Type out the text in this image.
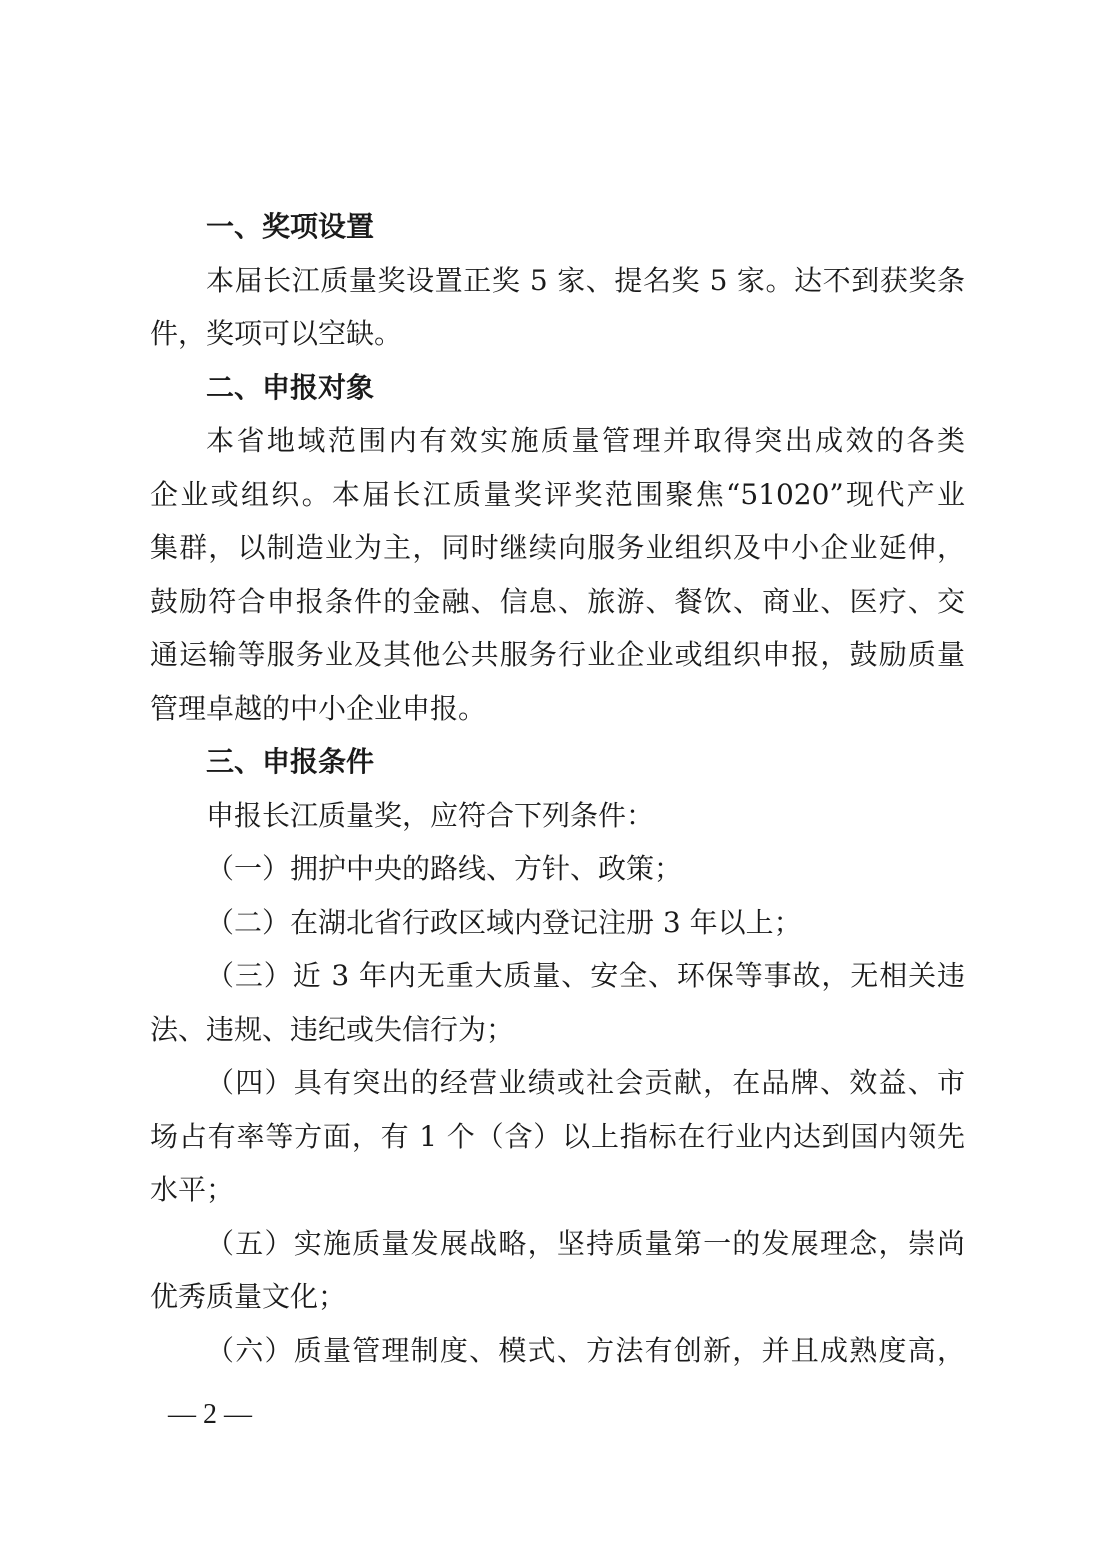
一、奖项设置
本届长江质量奖设置正奖 5 家、提名奖 5 家。达不到获奖条
件，奖项可以空缺。
二、申报对象
本省地域范围内有效实施质量管理并取得突出成效的各类
企业或组织。本届长江质量奖评奖范围聚焦“51020”现代产业
集群，以制造业为主，同时继续向服务业组织及中小企业延伸，
鼓励符合申报条件的金融、信息、旅游、餐饮、商业、医疗、交
通运输等服务业及其他公共服务行业企业或组织申报，鼓励质量
管理卓越的中小企业申报。
三、申报条件
申报长江质量奖，应符合下列条件：
（一）拥护中央的路线、方针、政策；
（二）在湖北省行政区域内登记注册 3 年以上；
（三）近 3 年内无重大质量、安全、环保等事故，无相关违
法、违规、违纪或失信行为；
（四）具有突出的经营业绩或社会贡献，在品牌、效益、市
场占有率等方面，有 1 个（含）以上指标在行业内达到国内领先
水平；
（五）实施质量发展战略，坚持质量第一的发展理念，崇尚
优秀质量文化；
（六）质量管理制度、模式、方法有创新，并且成熟度高，
— 2 —
